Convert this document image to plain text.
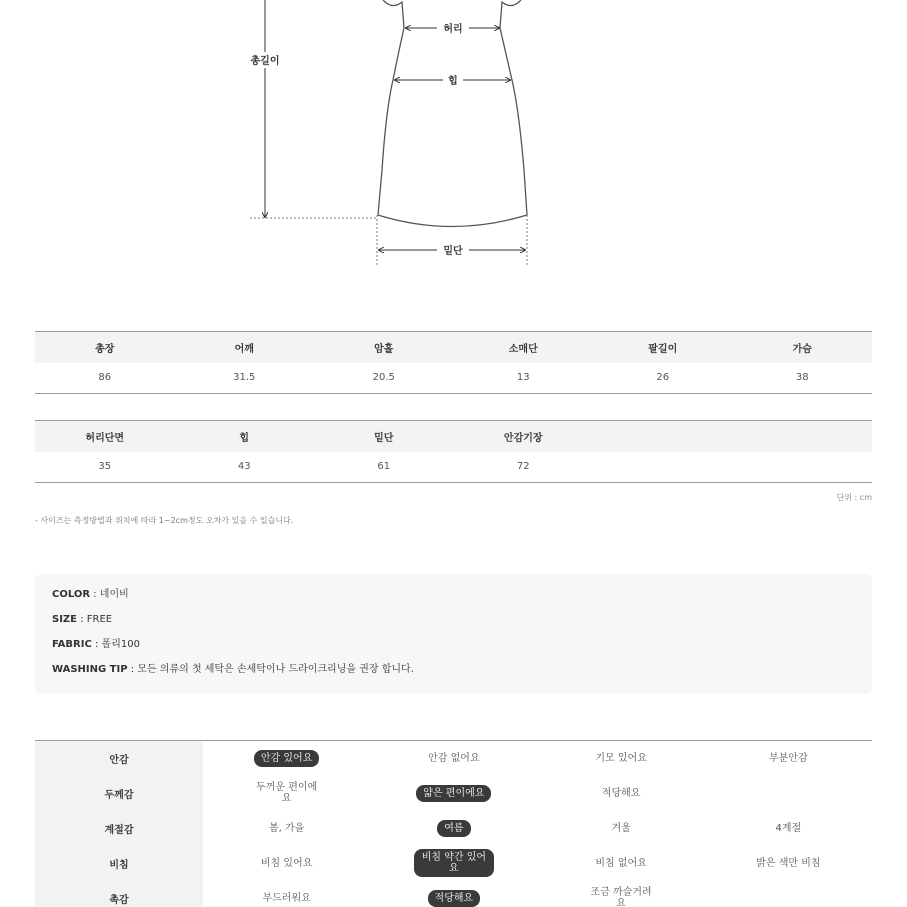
총길이
허리
힙
밑단
총장	어깨	암홀	소매단	팔길이	가슴
86	31.5	20.5	13	26	38
허리단면	힙	밑단	안감기장		
35	43	61	72		
단위 : cm
- 사이즈는 측정방법과 위치에 따라 1~2cm정도 오차가 있을 수 있습니다.
COLOR : 네이비
SIZE : FREE
FABRIC : 폴리100
WASHING TIP : 모든 의류의 첫 세탁은 손세탁이나 드라이크리닝을 권장 합니다.
안감	안감 있어요	안감 없어요	기모 있어요	부분안감
두께감	두꺼운 편이에요	얇은 편이에요	적당해요	
계절감	봄, 가을	여름	겨울	4계절
비침	비침 있어요	비침 약간 있어요	비침 없어요	밝은 색만 비침
촉감	부드러워요	적당해요	조금 까슬거려요	
